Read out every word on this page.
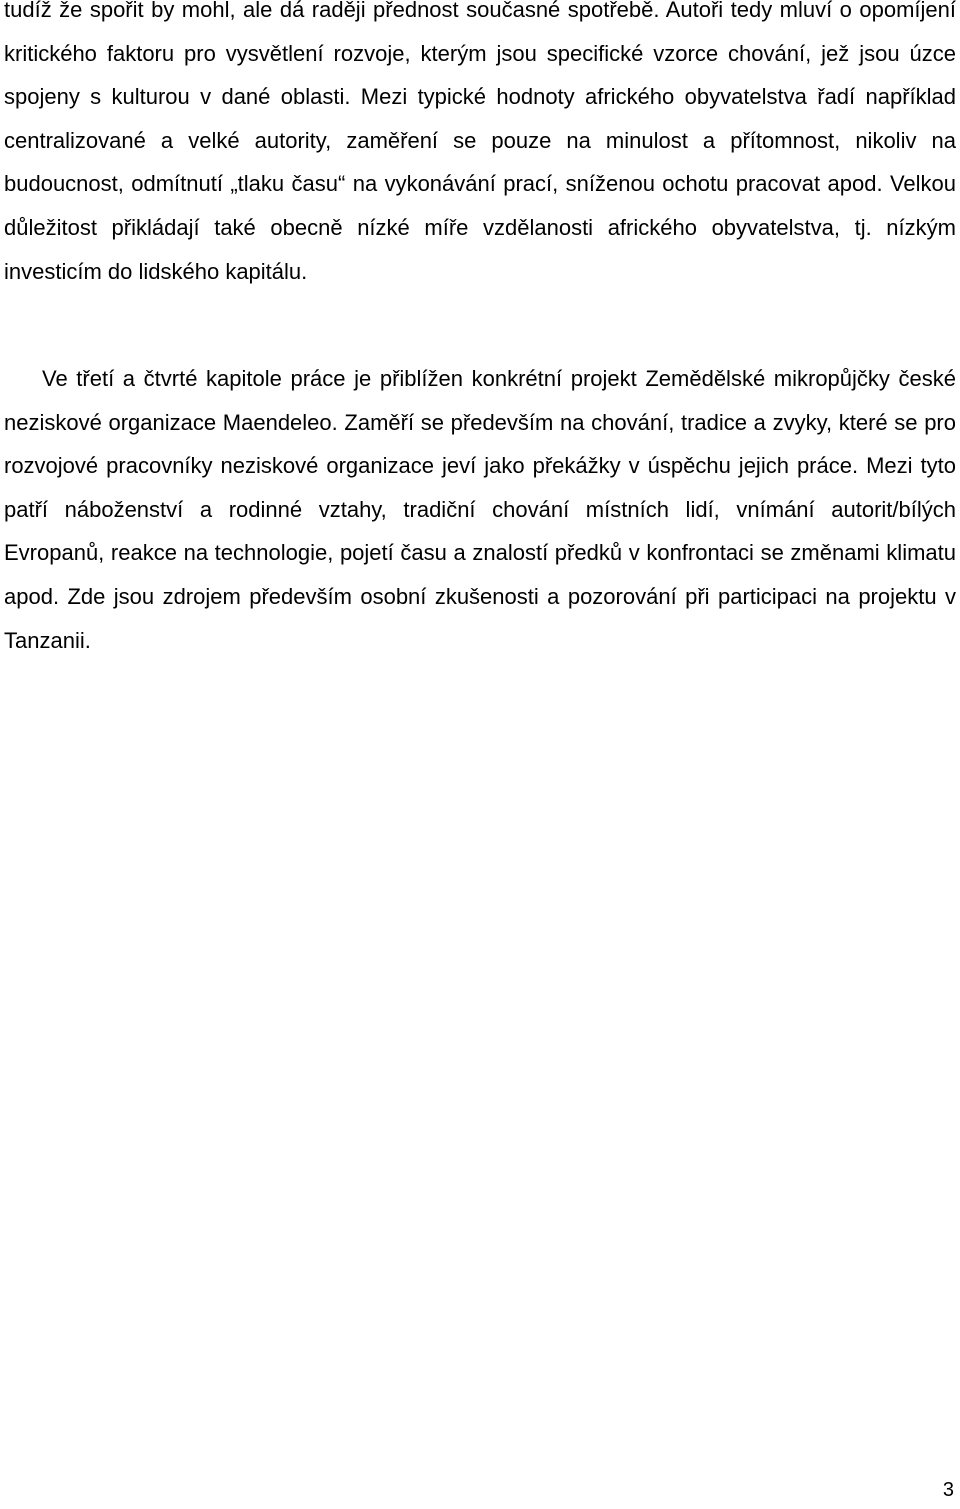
tudíž že spořit by mohl, ale dá raději přednost současné spotřebě. Autoři tedy mluví o opomíjení kritického faktoru pro vysvětlení rozvoje, kterým jsou specifické vzorce chování, jež jsou úzce spojeny s kulturou v dané oblasti. Mezi typické hodnoty afrického obyvatelstva řadí například centralizované a velké autority, zaměření se pouze na minulost a přítomnost, nikoliv na budoucnost, odmítnutí „tlaku času“ na vykonávání prací, sníženou ochotu pracovat apod. Velkou důležitost přikládají také obecně nízké míře vzdělanosti afrického obyvatelstva, tj. nízkým investicím do lidského kapitálu.

Ve třetí a čtvrté kapitole práce je přiblížen konkrétní projekt Zemědělské mikropůjčky české neziskové organizace Maendeleo. Zaměří se především na chování, tradice a zvyky, které se pro rozvojové pracovníky neziskové organizace jeví jako překážky v úspěchu jejich práce. Mezi tyto patří náboženství a rodinné vztahy, tradiční chování místních lidí, vnímání autorit/bílých Evropanů, reakce na technologie, pojetí času a znalostí předků v konfrontaci se změnami klimatu apod. Zde jsou zdrojem především osobní zkušenosti a pozorování při participaci na projektu v Tanzanii.

3
